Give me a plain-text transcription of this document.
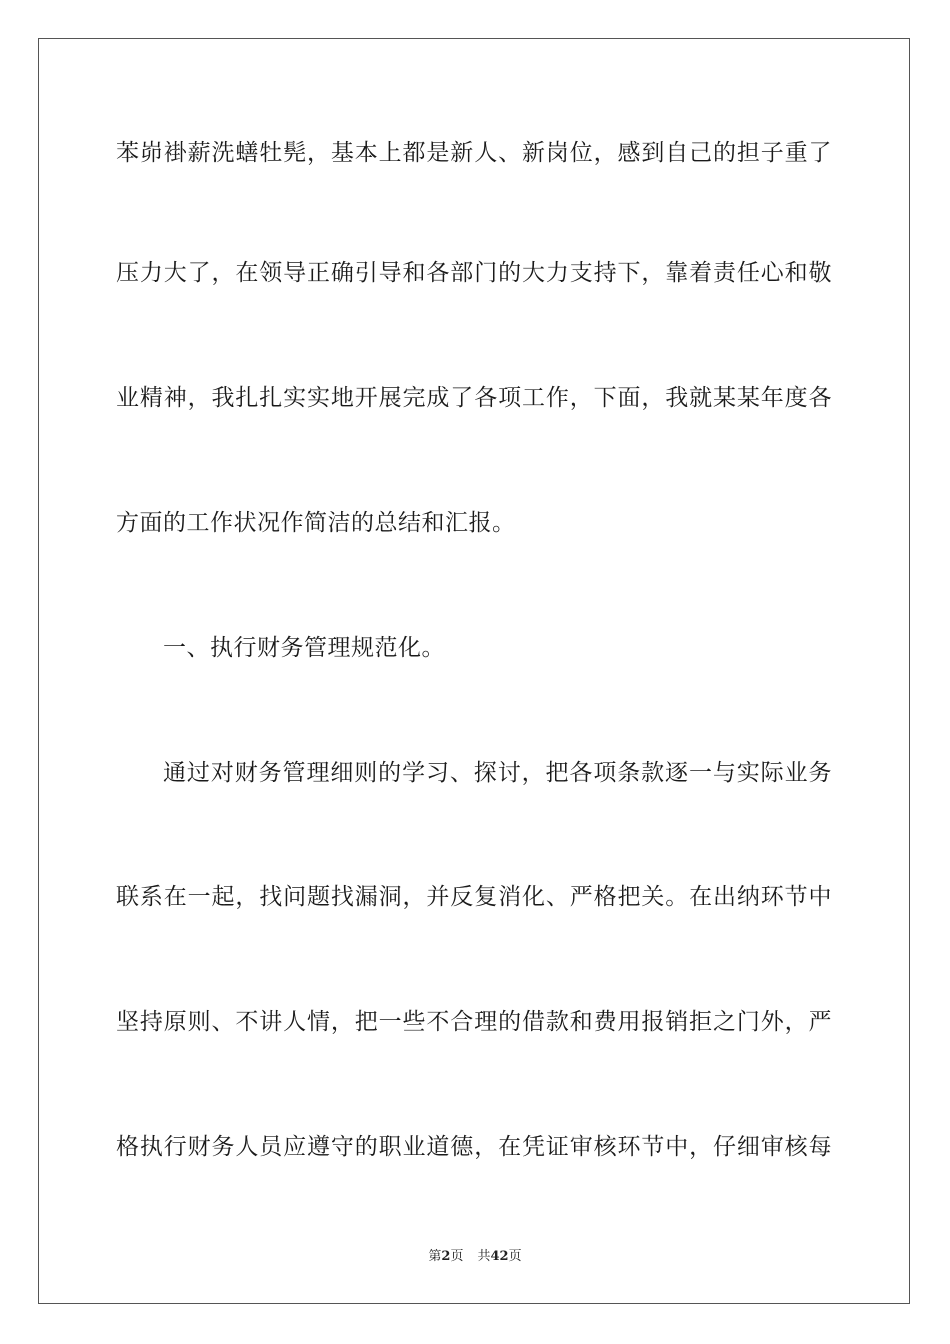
苯峁褂薪洗蟮牡髡，基本上都是新人、新岗位，感到自己的担子重了
压力大了，在领导正确引导和各部门的大力支持下，靠着责任心和敬
业精神，我扎扎实实地开展完成了各项工作，下面，我就某某年度各
方面的工作状况作简洁的总结和汇报。
一、执行财务管理规范化。
通过对财务管理细则的学习、探讨，把各项条款逐一与实际业务
联系在一起，找问题找漏洞，并反复消化、严格把关。在出纳环节中
坚持原则、不讲人情，把一些不合理的借款和费用报销拒之门外，严
格执行财务人员应遵守的职业道德，在凭证审核环节中，仔细审核每
第2页 共42页
